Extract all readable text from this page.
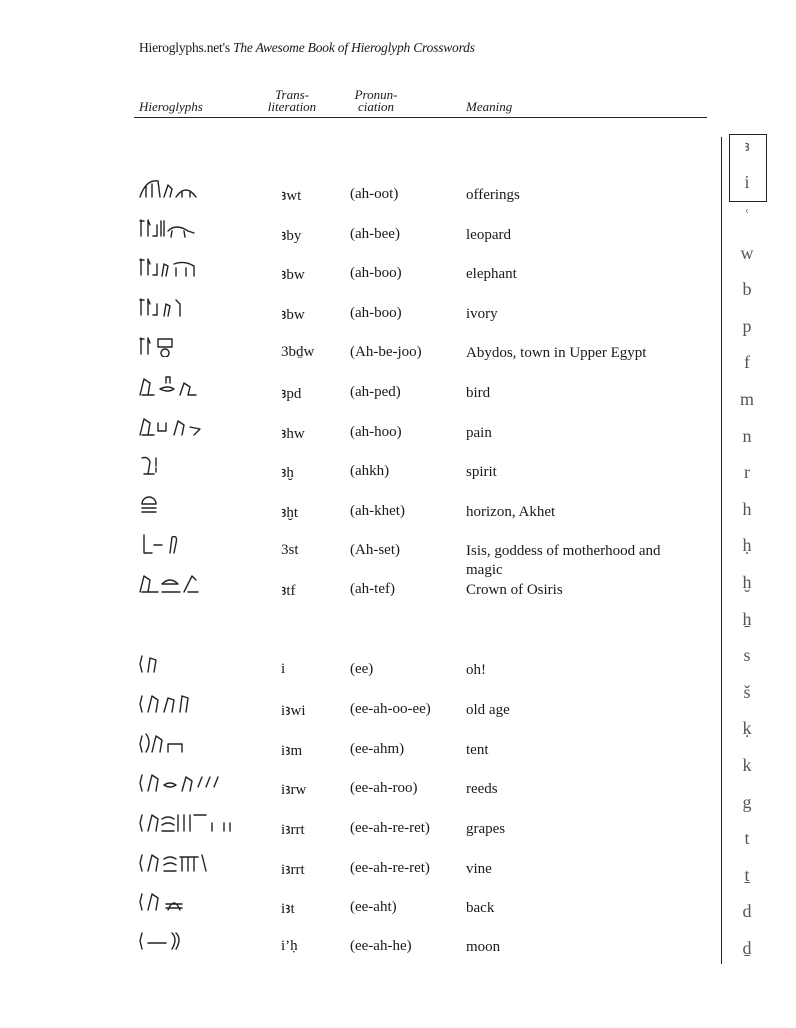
Hieroglyphs.net's The Awesome Book of Hieroglyph Crosswords
Hieroglyphs
Trans-
literation
Pronun-
ciation	Meaning
ꜣwt	(ah-oot)	offerings
ꜣby	(ah-bee)	leopard
ꜣbw	(ah-boo)	elephant
ꜣbw	(ah-boo)	ivory
3bḏw (Ah-be-joo)	Abydos, town in Upper Egypt
ꜣpd	(ah-ped)	bird
ꜣhw	(ah-hoo)	pain
ꜣḫ	(ahkh)	spirit
ꜣḫt	(ah-khet)	horizon, Akhet
3st	(Ah-set)	Isis, goddess of motherhood and magic
ꜣtf	(ah-tef)	Crown of Osiris
i	(ee)	oh!
iꜣwi	(ee-ah-oo-ee) old age
iꜣm	(ee-ahm)	tent
iꜣrw	(ee-ah-roo)	reeds
iꜣrrt	(ee-ah-re-ret) grapes
iꜣrrt	(ee-ah-re-ret) vine
iꜣt	(ee-aht)	back
i’ḥ	(ee-ah-he)	moon
ꜣ
i
ʿ
w
b
p
f
m
n
r
h
ḥ
ḫ
ẖ
s
š
ḳ
k
g
t
ṯ
d
ḏ
